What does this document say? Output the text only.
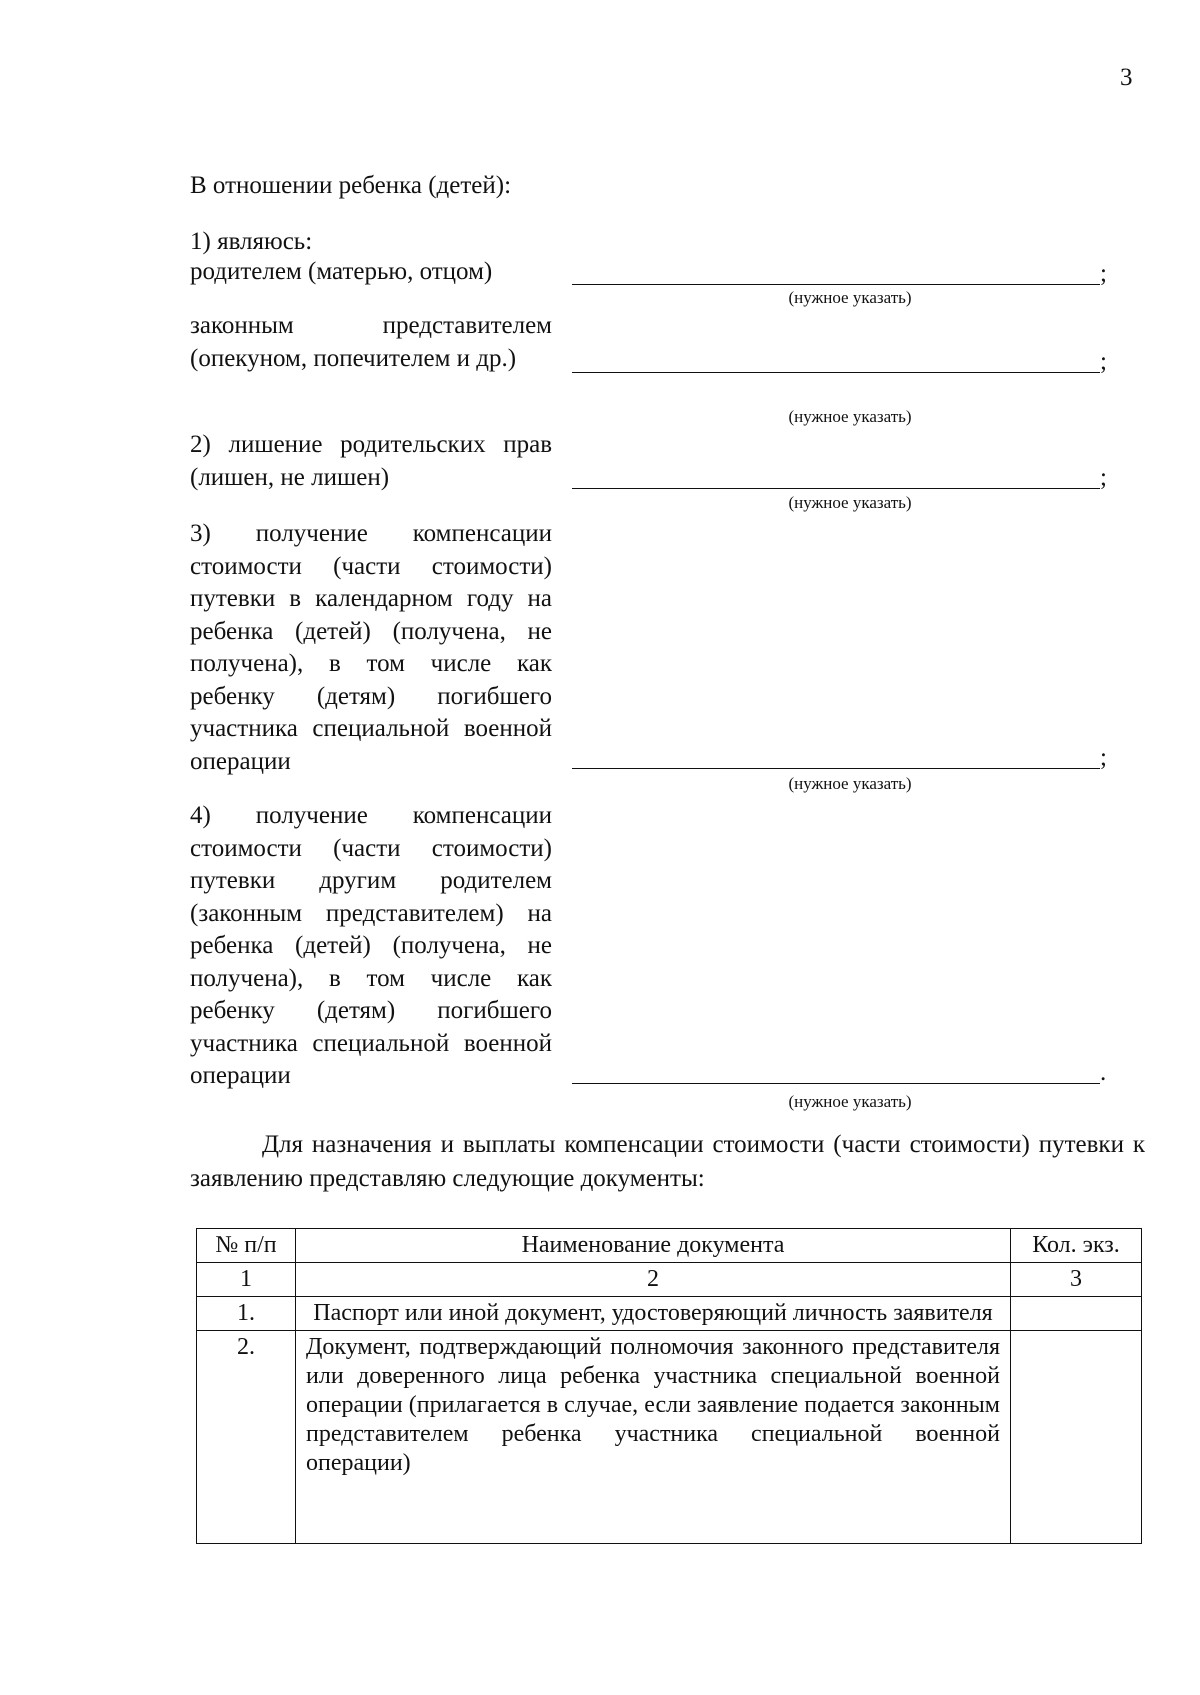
3
В отношении ребенка (детей):
1) являюсь:
родителем (матерью, отцом)	;
(нужное указать)
законным представителем (опекуном, попечителем и др.)	;
(нужное указать)
2) лишение родительских прав (лишен, не лишен)	;
(нужное указать)
3) получение компенсации стоимости (части стоимости) путевки в календарном году на ребенка (детей) (получена, не получена), в том числе как ребенку (детям) погибшего участника специальной военной операции	;
(нужное указать)
4) получение компенсации стоимости (части стоимости) путевки другим родителем (законным представителем) на ребенка (детей) (получена, не получена), в том числе как ребенку (детям) погибшего участника специальной военной операции	.
(нужное указать)
Для назначения и выплаты компенсации стоимости (части стоимости) путевки к заявлению представляю следующие документы:
№ п/п	Наименование документа	Кол. экз.
1	2	3
1.	Паспорт или иной документ, удостоверяющий личность заявителя	
2.	Документ, подтверждающий полномочия законного представителя или доверенного лица ребенка участника специальной военной операции (прилагается в случае, если заявление подается законным представителем ребенка участника специальной военной операции)	
